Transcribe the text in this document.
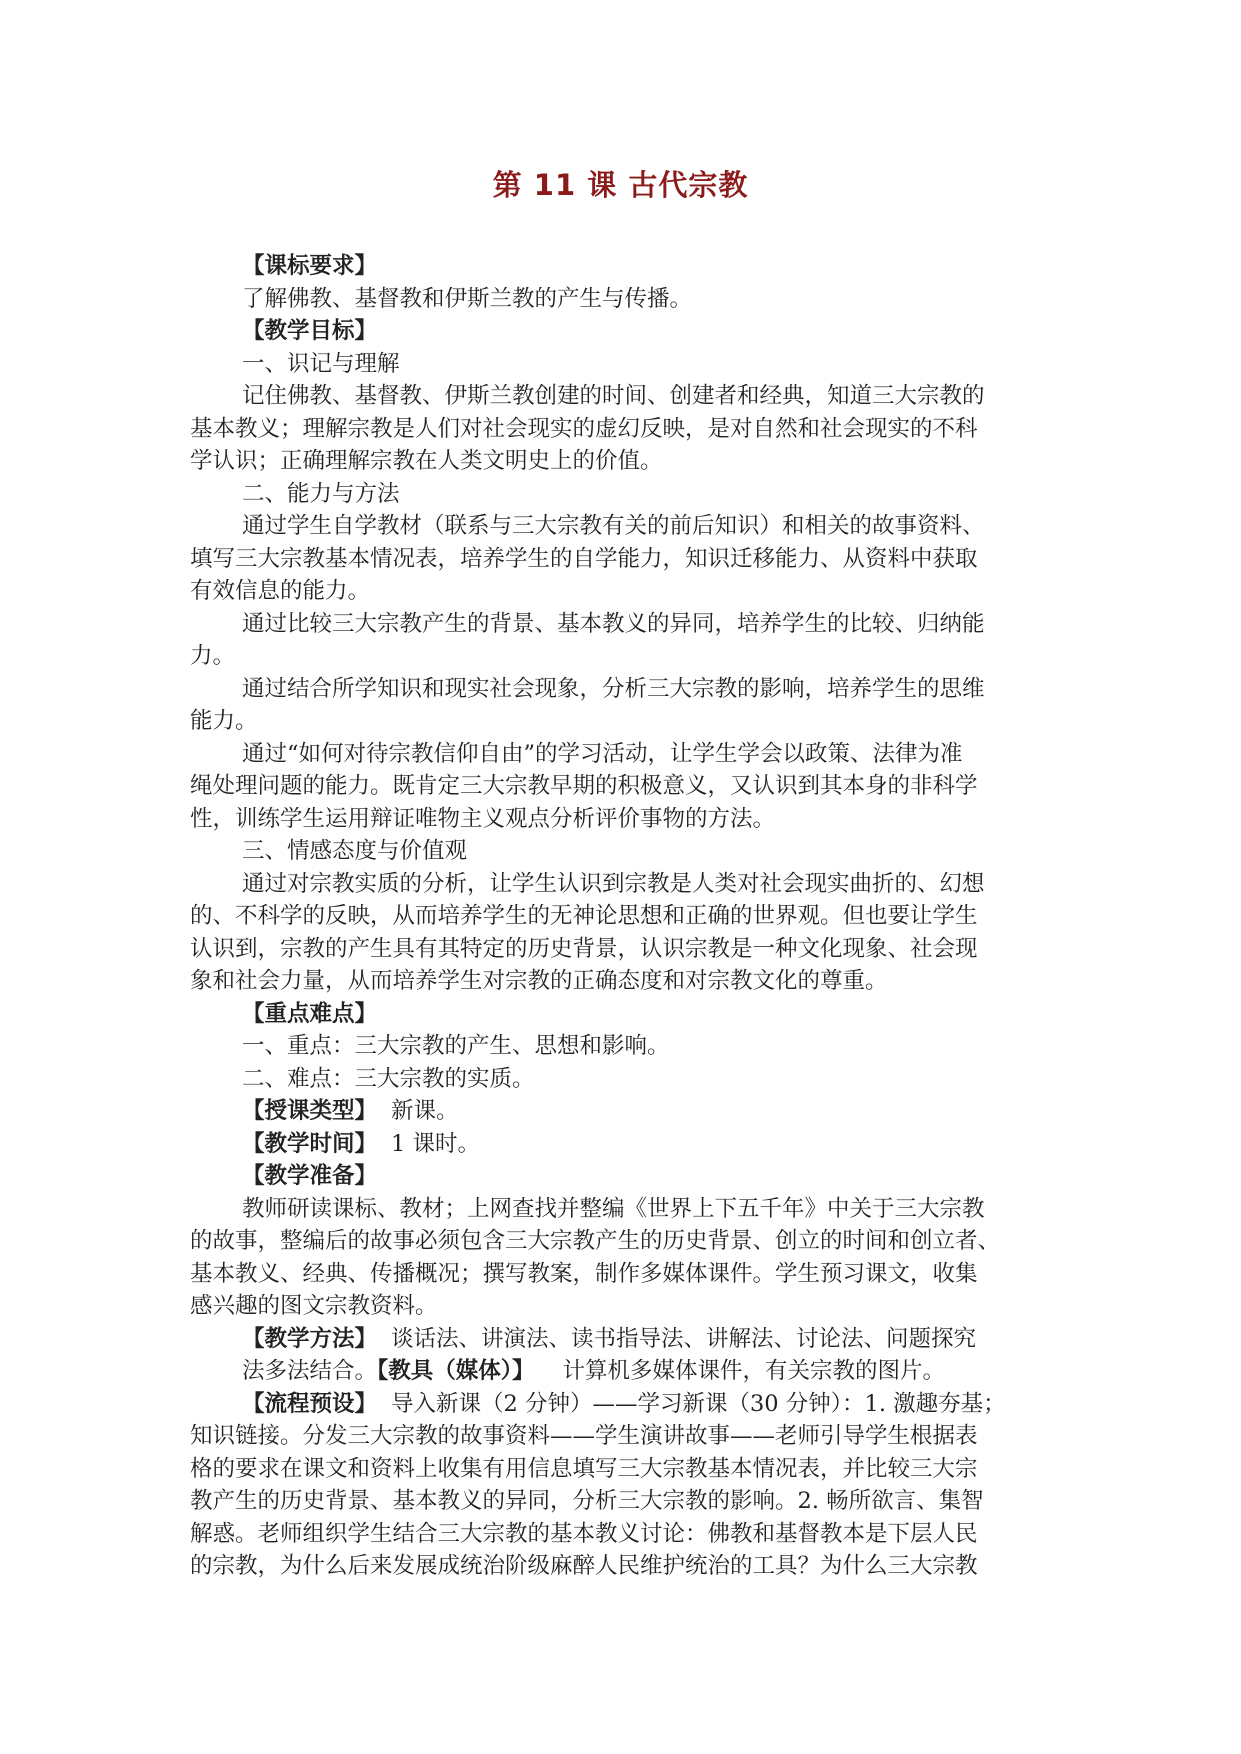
第 11 课 古代宗教
【课标要求】
了解佛教、基督教和伊斯兰教的产生与传播。
【教学目标】
一、识记与理解
记住佛教、基督教、伊斯兰教创建的时间、创建者和经典，知道三大宗教的
基本教义；理解宗教是人们对社会现实的虚幻反映，是对自然和社会现实的不科
学认识；正确理解宗教在人类文明史上的价值。
二、能力与方法
通过学生自学教材（联系与三大宗教有关的前后知识）和相关的故事资料、
填写三大宗教基本情况表，培养学生的自学能力，知识迁移能力、从资料中获取
有效信息的能力。
通过比较三大宗教产生的背景、基本教义的异同，培养学生的比较、归纳能
力。
通过结合所学知识和现实社会现象，分析三大宗教的影响，培养学生的思维
能力。
通过“如何对待宗教信仰自由”的学习活动，让学生学会以政策、法律为准
绳处理问题的能力。既肯定三大宗教早期的积极意义，又认识到其本身的非科学
性，训练学生运用辩证唯物主义观点分析评价事物的方法。
三、情感态度与价值观
通过对宗教实质的分析，让学生认识到宗教是人类对社会现实曲折的、幻想
的、不科学的反映，从而培养学生的无神论思想和正确的世界观。但也要让学生
认识到，宗教的产生具有其特定的历史背景，认识宗教是一种文化现象、社会现
象和社会力量，从而培养学生对宗教的正确态度和对宗教文化的尊重。
【重点难点】
一、重点：三大宗教的产生、思想和影响。
二、难点：三大宗教的实质。
【授课类型】 新课。
【教学时间】 1 课时。
【教学准备】
教师研读课标、教材；上网查找并整编《世界上下五千年》中关于三大宗教
的故事，整编后的故事必须包含三大宗教产生的历史背景、创立的时间和创立者、
基本教义、经典、传播概况；撰写教案，制作多媒体课件。学生预习课文，收集
感兴趣的图文宗教资料。
【教学方法】 谈话法、讲演法、读书指导法、讲解法、讨论法、问题探究
法多法结合。【教具（媒体）】 计算机多媒体课件，有关宗教的图片。
【流程预设】 导入新课（2 分钟）——学习新课（30 分钟）：1. 激趣夯基；
知识链接。分发三大宗教的故事资料——学生演讲故事——老师引导学生根据表
格的要求在课文和资料上收集有用信息填写三大宗教基本情况表，并比较三大宗
教产生的历史背景、基本教义的异同，分析三大宗教的影响。2. 畅所欲言、集智
解惑。老师组织学生结合三大宗教的基本教义讨论：佛教和基督教本是下层人民
的宗教，为什么后来发展成统治阶级麻醉人民维护统治的工具？为什么三大宗教
